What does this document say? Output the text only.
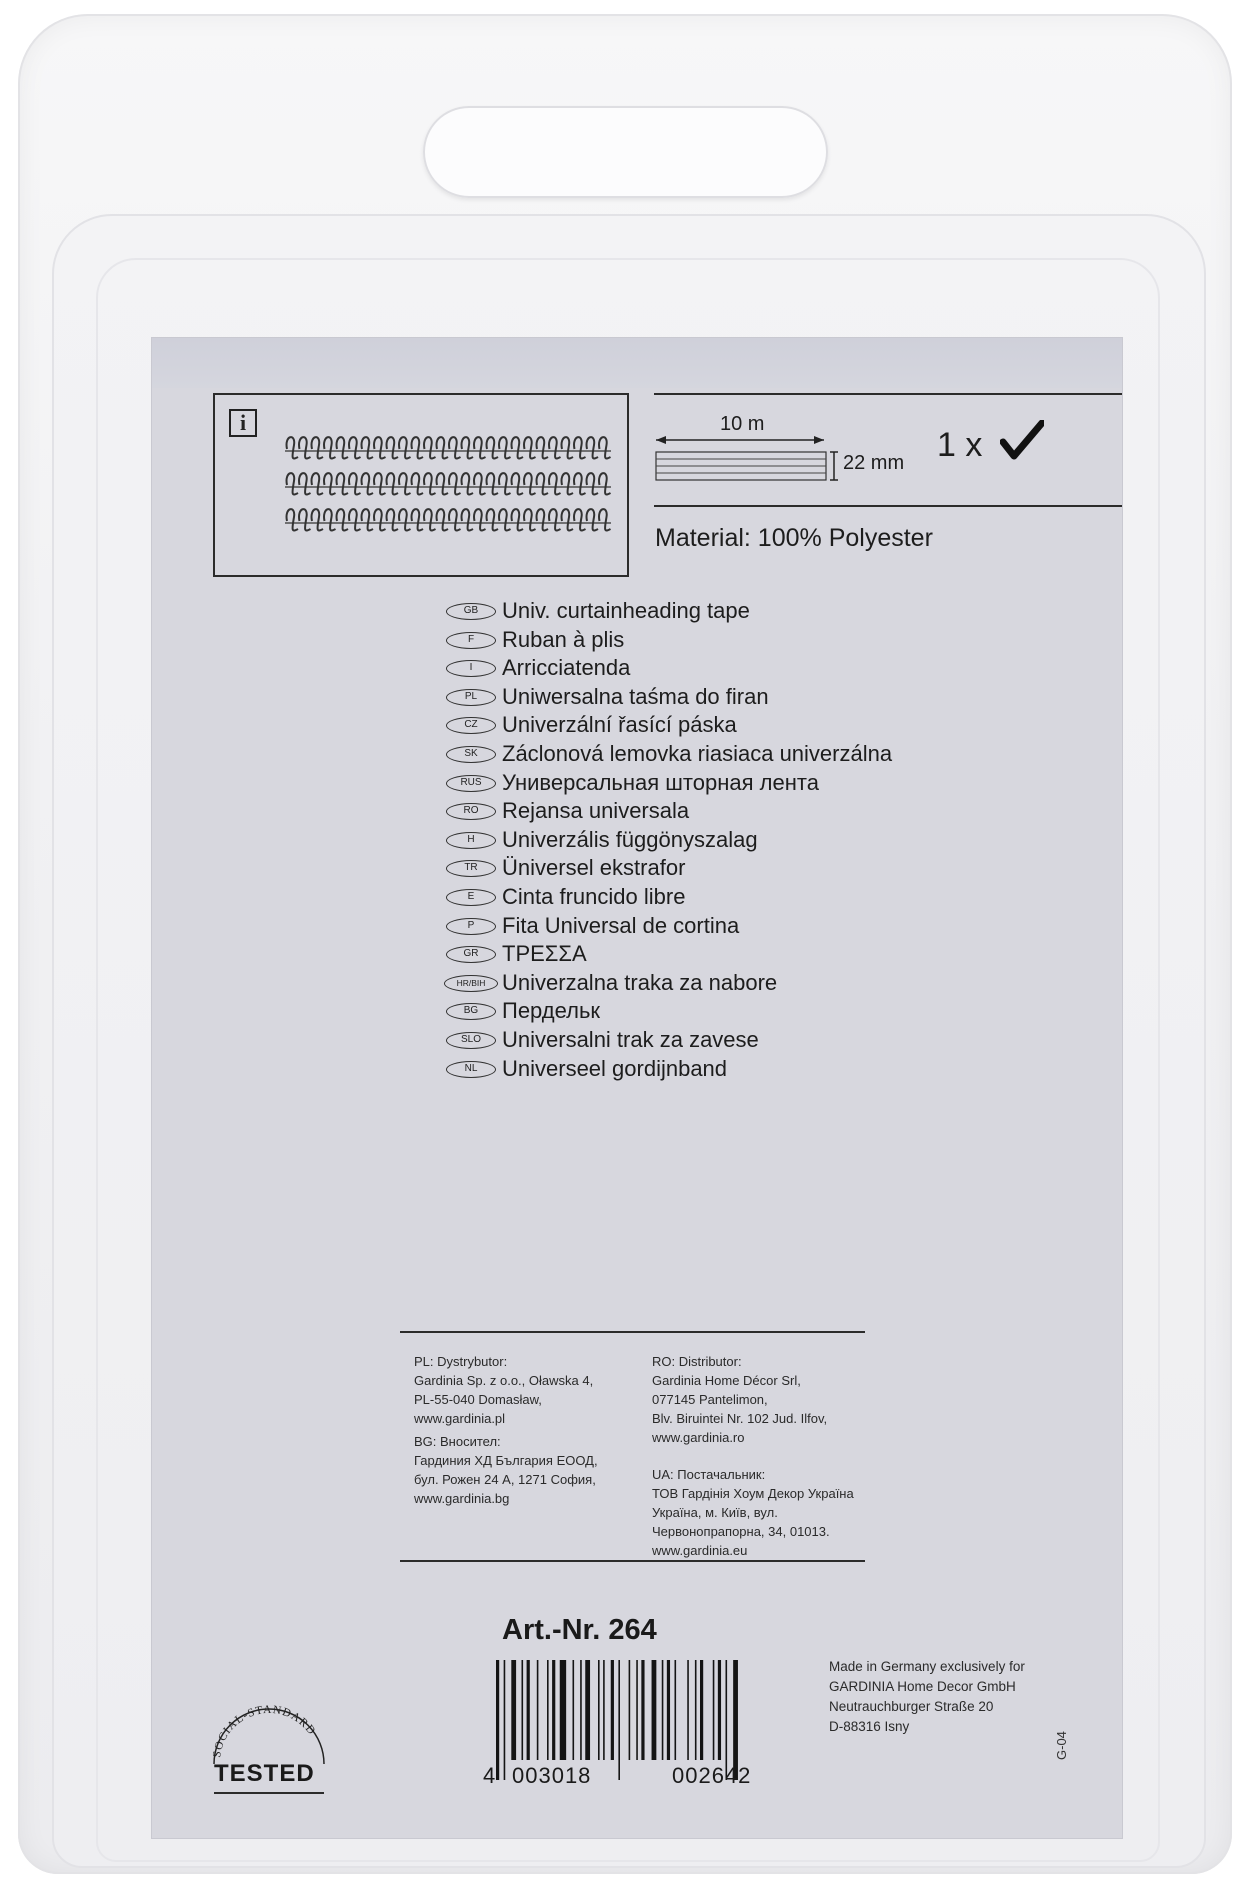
i	10 m
22 mm 1 x
Material: 100% Polyester
GB	Univ. curtainheading tape
F	Ruban à plis
I	Arricciatenda
PL	Uniwersalna taśma do firan
CZ	Univerzální řasící páska
SK	Záclonová lemovka riasiaca univerzálna
RUS Универсальная шторная лента
RO	Rejansa universala
H	Univerzális függönyszalag
TR	Üniversel ekstrafor
E	Cinta fruncido libre
P	Fita Universal de cortina
GR	ΤΡΕΣΣΑ
HR/BIH Univerzalna traka za nabore
BG	Пердельк
SLO Universalni trak za zavese
NL	Universeel gordijnband
PL: Dystrybutor:
Gardinia Sp. z o.o., Oławska 4,
PL-55-040 Domasław,
www.gardinia.pl
BG: Вносител:
Гардиния ХД България ЕООД,
бул. Рожен 24 А, 1271 София,
www.gardinia.bg
RO: Distributor:
Gardinia Home Décor Srl,
077145 Pantelimon,
Blv. Biruintei Nr. 102 Jud. Ilfov,
www.gardinia.ro
UA: Постачальник:
ТОВ Гардінія Хоум Декор Україна
Україна, м. Київ, вул.
Червонопрапорна, 34, 01013.
www.gardinia.eu
Art.-Nr. 264
4 003018	002642
Made in Germany exclusively for
GARDINIA Home Decor GmbH
Neutrauchburger Straße 20
D-88316 Isny
G-04
SOCIAL-STANDARD
TESTED
